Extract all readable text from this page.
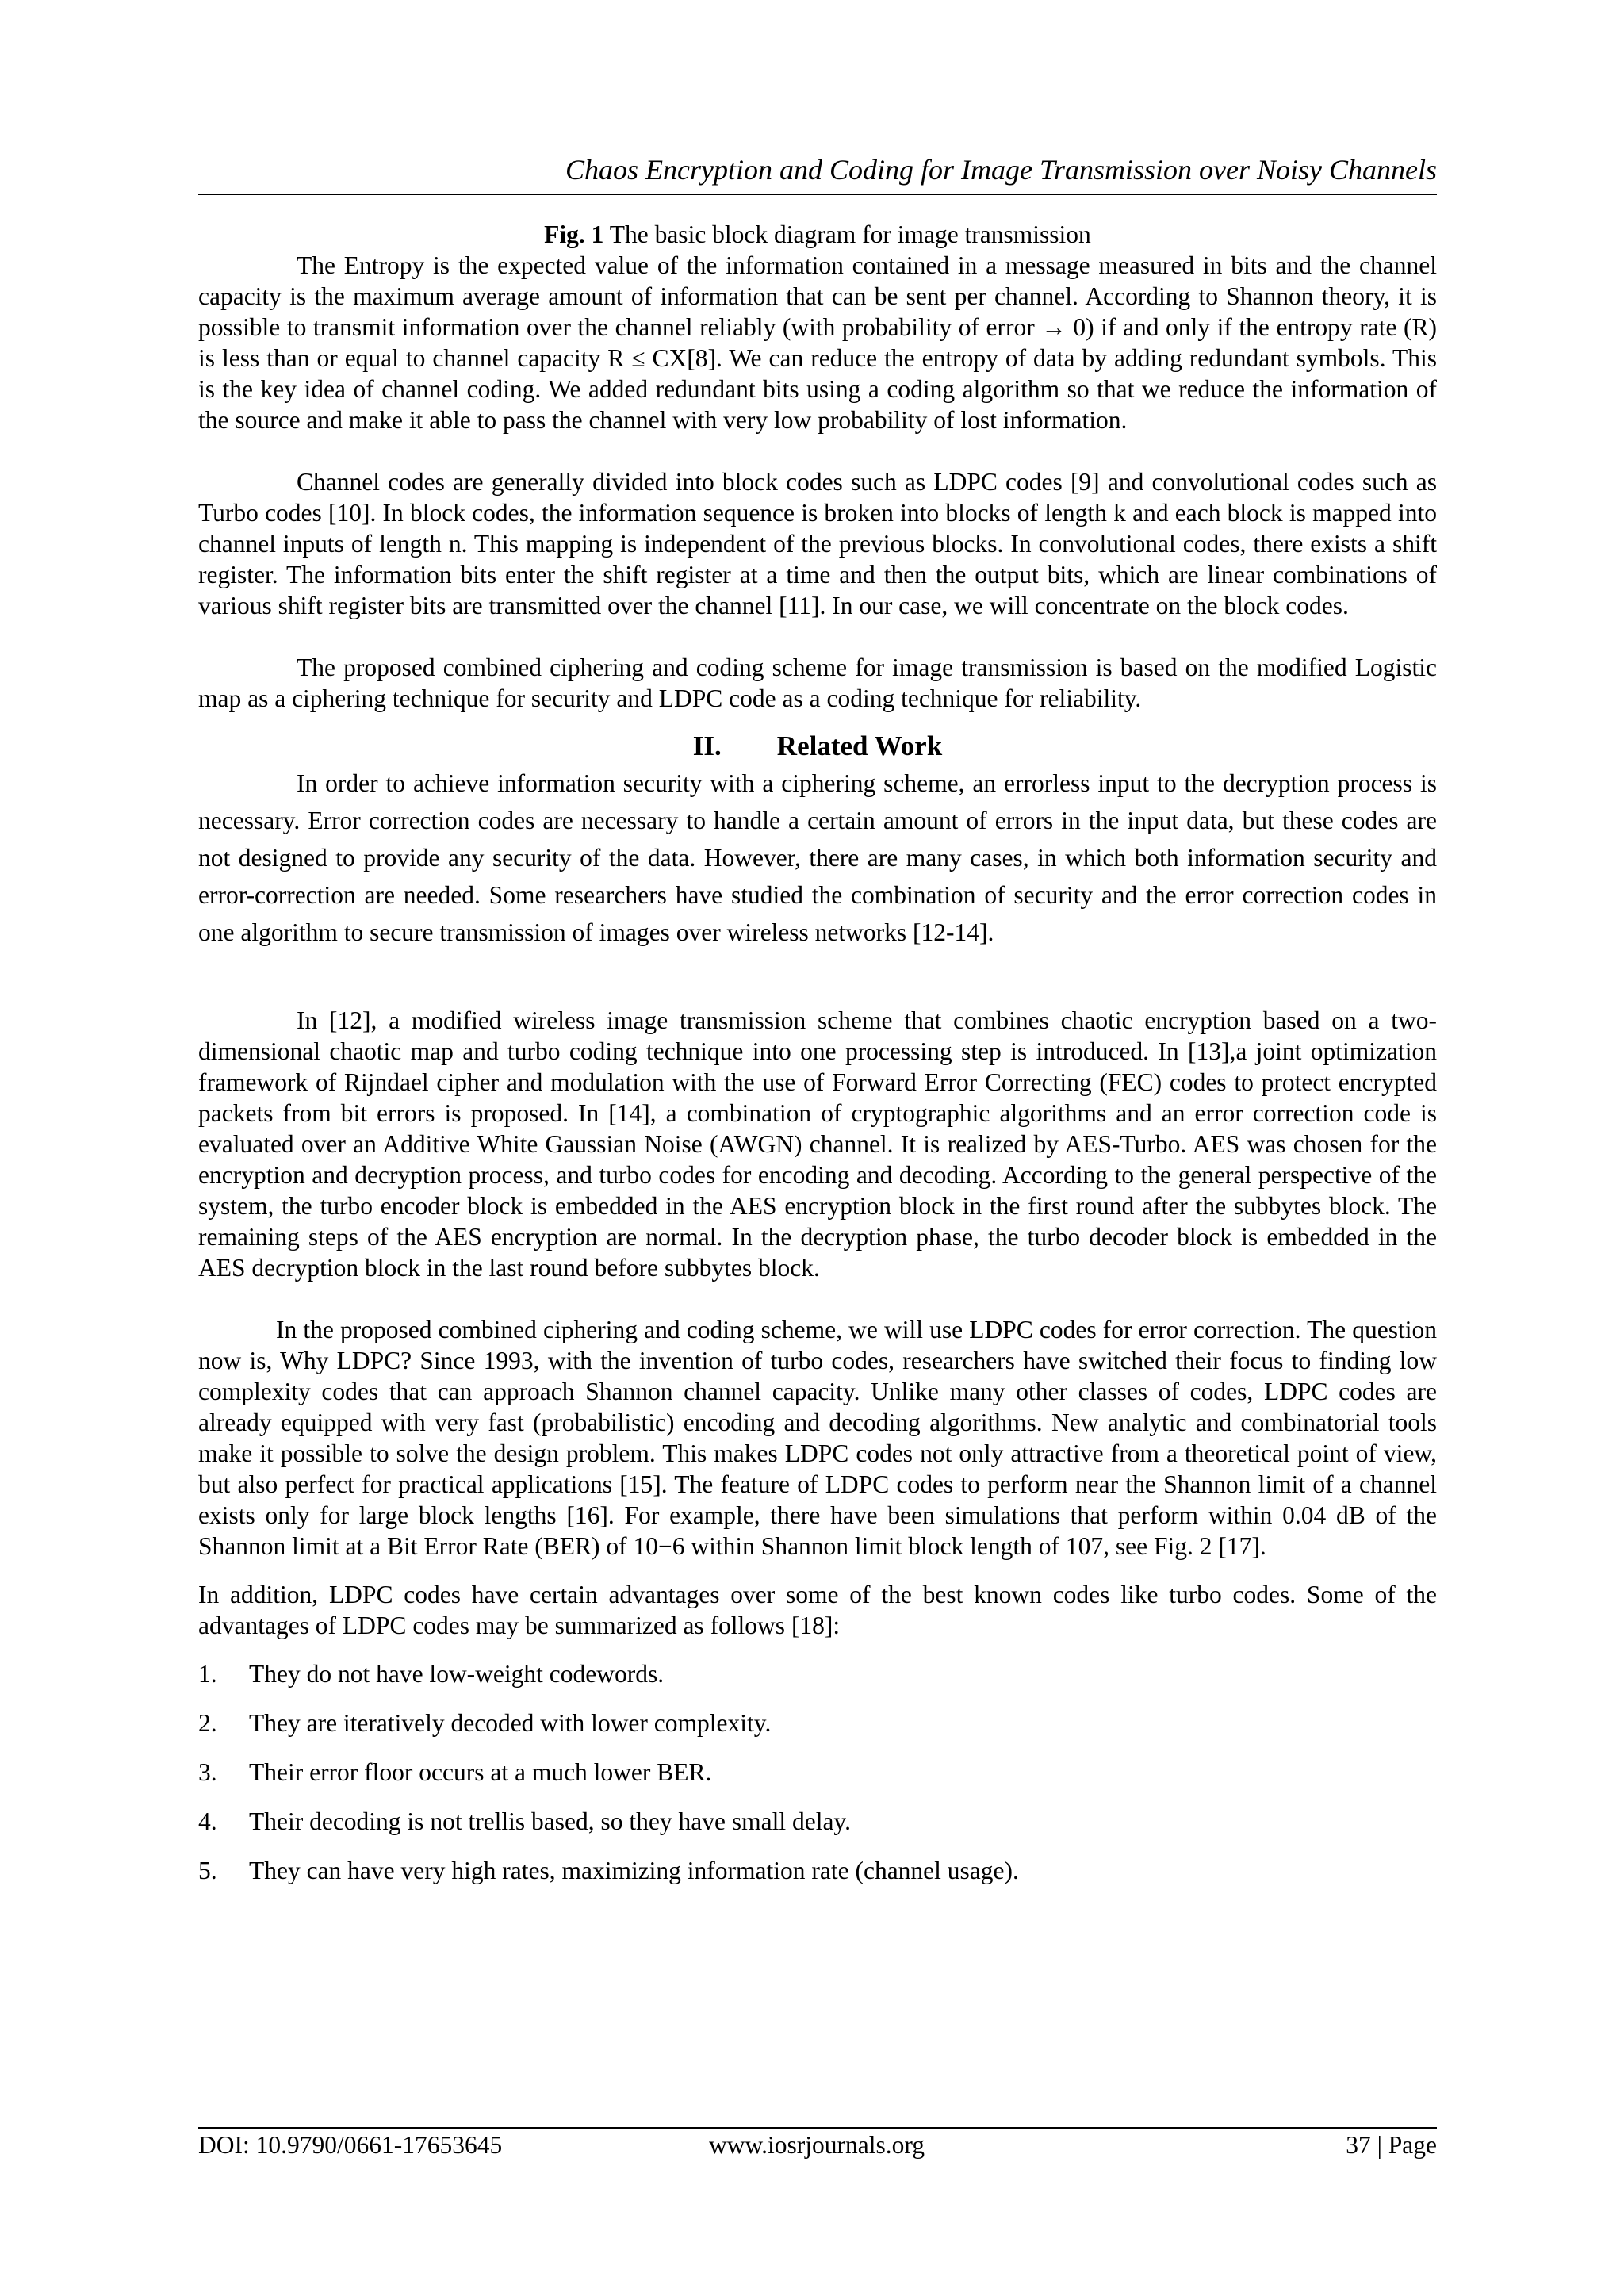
Chaos Encryption and Coding for Image Transmission over Noisy Channels

Fig. 1 The basic block diagram for image transmission

The Entropy is the expected value of the information contained in a message measured in bits and the channel capacity is the maximum average amount of information that can be sent per channel. According to Shannon theory, it is possible to transmit information over the channel reliably (with probability of error → 0) if and only if the entropy rate (R) is less than or equal to channel capacity R ≤ CX[8]. We can reduce the entropy of data by adding redundant symbols. This is the key idea of channel coding. We added redundant bits using a coding algorithm so that we reduce the information of the source and make it able to pass the channel with very low probability of lost information.

Channel codes are generally divided into block codes such as LDPC codes [9] and convolutional codes such as Turbo codes [10]. In block codes, the information sequence is broken into blocks of length k and each block is mapped into channel inputs of length n. This mapping is independent of the previous blocks. In convolutional codes, there exists a shift register. The information bits enter the shift register at a time and then the output bits, which are linear combinations of various shift register bits are transmitted over the channel [11]. In our case, we will concentrate on the block codes.

The proposed combined ciphering and coding scheme for image transmission is based on the modified Logistic map as a ciphering technique for security and LDPC code as a coding technique for reliability.

II. Related Work

In order to achieve information security with a ciphering scheme, an errorless input to the decryption process is necessary. Error correction codes are necessary to handle a certain amount of errors in the input data, but these codes are not designed to provide any security of the data. However, there are many cases, in which both information security and error-correction are needed. Some researchers have studied the combination of security and the error correction codes in one algorithm to secure transmission of images over wireless networks [12-14].

In [12], a modified wireless image transmission scheme that combines chaotic encryption based on a two-dimensional chaotic map and turbo coding technique into one processing step is introduced. In [13],a joint optimization framework of Rijndael cipher and modulation with the use of Forward Error Correcting (FEC) codes to protect encrypted packets from bit errors is proposed. In [14], a combination of cryptographic algorithms and an error correction code is evaluated over an Additive White Gaussian Noise (AWGN) channel. It is realized by AES-Turbo. AES was chosen for the encryption and decryption process, and turbo codes for encoding and decoding. According to the general perspective of the system, the turbo encoder block is embedded in the AES encryption block in the first round after the subbytes block. The remaining steps of the AES encryption are normal. In the decryption phase, the turbo decoder block is embedded in the AES decryption block in the last round before subbytes block.

In the proposed combined ciphering and coding scheme, we will use LDPC codes for error correction. The question now is, Why LDPC? Since 1993, with the invention of turbo codes, researchers have switched their focus to finding low complexity codes that can approach Shannon channel capacity. Unlike many other classes of codes, LDPC codes are already equipped with very fast (probabilistic) encoding and decoding algorithms. New analytic and combinatorial tools make it possible to solve the design problem. This makes LDPC codes not only attractive from a theoretical point of view, but also perfect for practical applications [15]. The feature of LDPC codes to perform near the Shannon limit of a channel exists only for large block lengths [16]. For example, there have been simulations that perform within 0.04 dB of the Shannon limit at a Bit Error Rate (BER) of 10−6 within Shannon limit block length of 107, see Fig. 2 [17].

In addition, LDPC codes have certain advantages over some of the best known codes like turbo codes. Some of the advantages of LDPC codes may be summarized as follows [18]:

1. They do not have low-weight codewords.
2. They are iteratively decoded with lower complexity.
3. Their error floor occurs at a much lower BER.
4. Their decoding is not trellis based, so they have small delay.
5. They can have very high rates, maximizing information rate (channel usage).
DOI: 10.9790/0661-17653645	www.iosrjournals.org	37 | Page
